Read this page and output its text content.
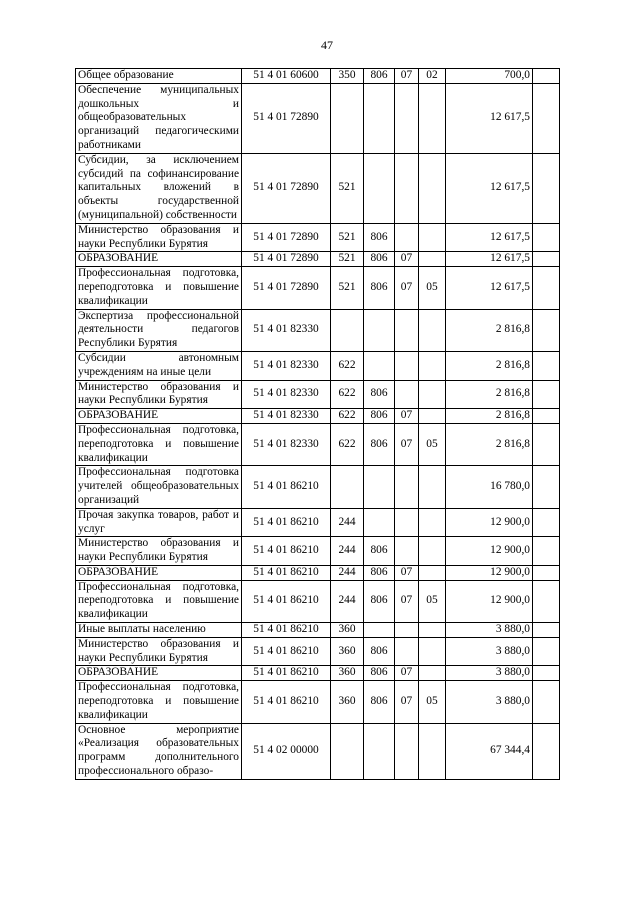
47
Общее образование	51 4 01 60600	350	806	07	02	700,0	
Обеспечение муниципальных дошкольных и общеобразовательных организаций педагогическими работниками	51 4 01 72890					12 617,5	
Субсидии, за исключением субсидий па софинансирование капитальных вложений в объекты государственной (муниципальной) собственности	51 4 01 72890	521				12 617,5	
Министерство образования и науки Республики Бурятия	51 4 01 72890	521	806			12 617,5	
ОБРАЗОВАНИЕ	51 4 01 72890	521	806	07		12 617,5	
Профессиональная подготовка, переподготовка и повышение квалификации	51 4 01 72890	521	806	07	05	12 617,5	
Экспертиза профессиональной деятельности педагогов Республики Бурятия	51 4 01 82330					2 816,8	
Субсидии автономным учреждениям на иные цели	51 4 01 82330	622				2 816,8	
Министерство образования и науки Республики Бурятия	51 4 01 82330	622	806			2 816,8	
ОБРАЗОВАНИЕ	51 4 01 82330	622	806	07		2 816,8	
Профессиональная подготовка, переподготовка и повышение квалификации	51 4 01 82330	622	806	07	05	2 816,8	
Профессиональная подготовка учителей общеобразовательных организаций	51 4 01 86210					16 780,0	
Прочая закупка товаров, работ и услуг	51 4 01 86210	244				12 900,0	
Министерство образования и науки Республики Бурятия	51 4 01 86210	244	806			12 900,0	
ОБРАЗОВАНИЕ	51 4 01 86210	244	806	07		12 900,0	
Профессиональная подготовка, переподготовка и повышение квалификации	51 4 01 86210	244	806	07	05	12 900,0	
Иные выплаты населению	51 4 01 86210	360				3 880,0	
Министерство образования и науки Республики Бурятия	51 4 01 86210	360	806			3 880,0	
ОБРАЗОВАНИЕ	51 4 01 86210	360	806	07		3 880,0	
Профессиональная подготовка, переподготовка и повышение квалификации	51 4 01 86210	360	806	07	05	3 880,0	
Основное мероприятие «Реализация образовательных программ дополнительного профессионального образо-	51 4 02 00000					67 344,4	
